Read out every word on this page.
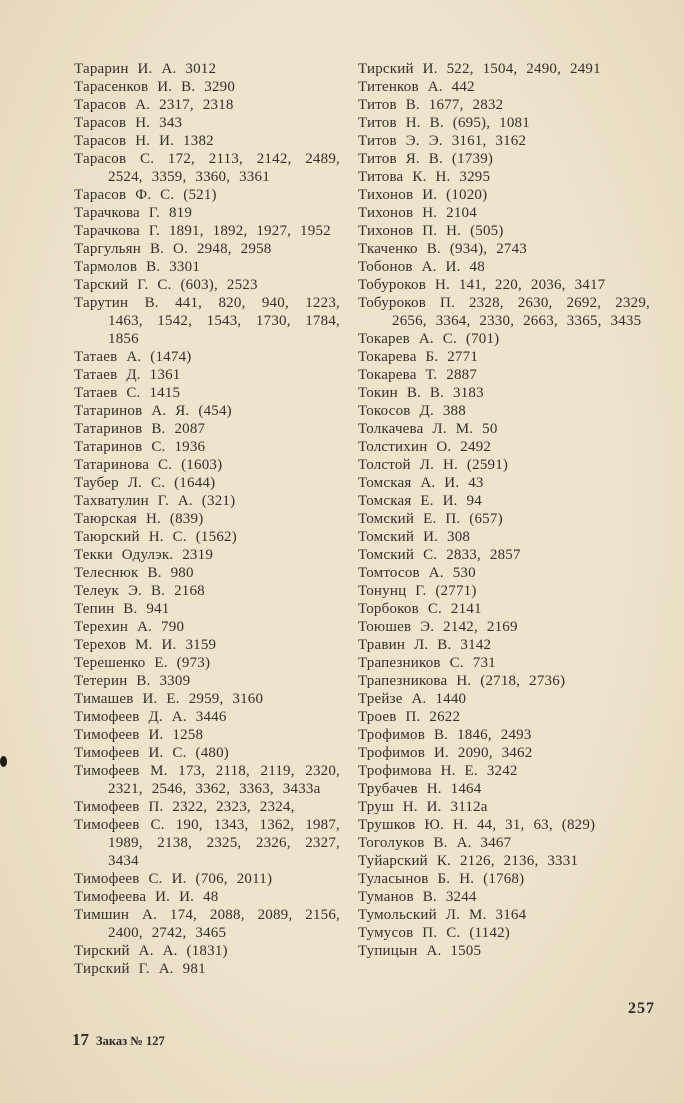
Тарарин И. А. 3012
Тарасенков И. В. 3290
Тарасов А. 2317, 2318
Тарасов Н. 343
Тарасов Н. И. 1382
Тарасов С. 172, 2113, 2142, 2489, 2524, 3359, 3360, 3361
Тарасов Ф. С. (521)
Тарачкова Г. 819
Тарачкова Г. 1891, 1892, 1927, 1952
Таргульян В. О. 2948, 2958
Тармолов В. 3301
Тарский Г. С. (603), 2523
Тарутин В. 441, 820, 940, 1223, 1463, 1542, 1543, 1730, 1784, 1856
Татаев А. (1474)
Татаев Д. 1361
Татаев С. 1415
Татаринов А. Я. (454)
Татаринов В. 2087
Татаринов С. 1936
Татаринова С. (1603)
Таубер Л. С. (1644)
Тахватулин Г. А. (321)
Таюрская Н. (839)
Таюрский Н. С. (1562)
Текки Одулэк. 2319
Телеснюк В. 980
Телеук Э. В. 2168
Тепин В. 941
Терехин А. 790
Терехов М. И. 3159
Терешенко Е. (973)
Тетерин В. 3309
Тимашев И. Е. 2959, 3160
Тимофеев Д. А. 3446
Тимофеев И. 1258
Тимофеев И. С. (480)
Тимофеев М. 173, 2118, 2119, 2320, 2321, 2546, 3362, 3363, 3433а
Тимофеев П. 2322, 2323, 2324,
Тимофеев С. 190, 1343, 1362, 1987, 1989, 2138, 2325, 2326, 2327, 3434
Тимофеев С. И. (706, 2011)
Тимофеева И. И. 48
Тимшин А. 174, 2088, 2089, 2156, 2400, 2742, 3465
Тирский А. А. (1831)
Тирский Г. А. 981
Тирский И. 522, 1504, 2490, 2491
Титенков А. 442
Титов В. 1677, 2832
Титов Н. В. (695), 1081
Титов Э. Э. 3161, 3162
Титов Я. В. (1739)
Титова К. Н. 3295
Тихонов И. (1020)
Тихонов Н. 2104
Тихонов П. Н. (505)
Ткаченко В. (934), 2743
Тобонов А. И. 48
Тобуроков Н. 141, 220, 2036, 3417
Тобуроков П. 2328, 2630, 2692, 2329, 2656, 3364, 2330, 2663, 3365, 3435
Токарев А. С. (701)
Токарева Б. 2771
Токарева Т. 2887
Токин В. В. 3183
Токосов Д. 388
Толкачева Л. М. 50
Толстихин О. 2492
Толстой Л. Н. (2591)
Томская А. И. 43
Томская Е. И. 94
Томский Е. П. (657)
Томский И. 308
Томский С. 2833, 2857
Томтосов А. 530
Тонунц Г. (2771)
Торбоков С. 2141
Тоюшев Э. 2142, 2169
Травин Л. В. 3142
Трапезников С. 731
Трапезникова Н. (2718, 2736)
Трейзе А. 1440
Троев П. 2622
Трофимов В. 1846, 2493
Трофимов И. 2090, 3462
Трофимова Н. Е. 3242
Трубачев Н. 1464
Труш Н. И. 3112а
Трушков Ю. Н. 44, 31, 63, (829)
Тоголуков В. А. 3467
Туйарский К. 2126, 2136, 3331
Туласынов Б. Н. (1768)
Туманов В. 3244
Тумольский Л. М. 3164
Тумусов П. С. (1142)
Тупицын А. 1505
17 Заказ № 127
257
